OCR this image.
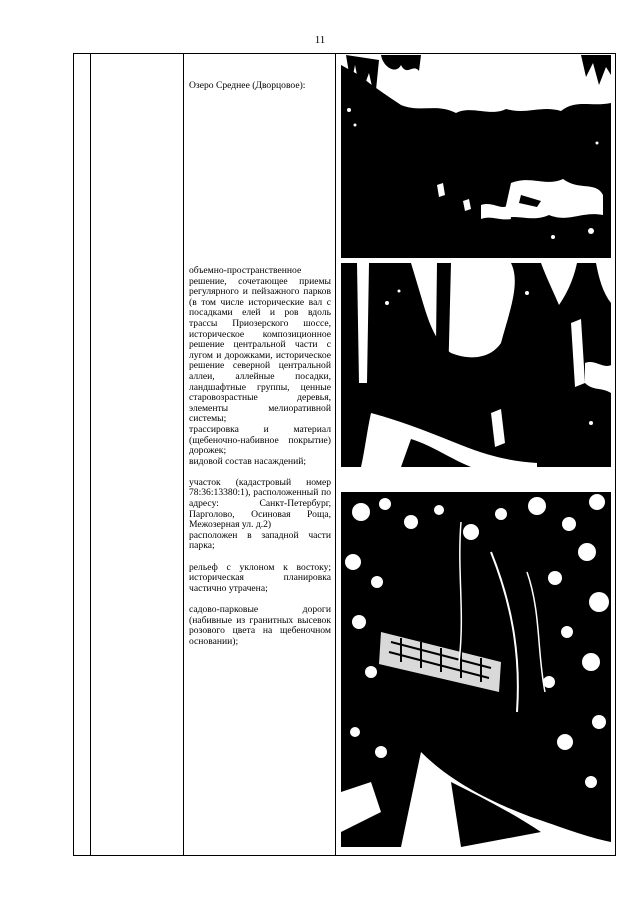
11

Озеро Среднее (Дворцовое):

объемно-пространственное решение, сочетающее приемы регулярного и пейзажного парков (в том числе исторические вал с посадками елей и ров вдоль трассы Приозерского шоссе, историческое композиционное решение центральной части с лугом и дорожками, историческое решение северной центральной аллеи, аллейные посадки, ландшафтные группы, ценные старовозрастные деревья, элементы мелиоративной системы;

трассировка и материал (щебеночно-набивное покрытие) дорожек;

видовой состав насаждений;

участок (кадастровый номер 78:36:13380:1), расположенный по адресу: Санкт-Петербург, Парголово, Осиновая Роща, Межозерная ул. д.2)

расположен в западной части парка;

рельеф с уклоном к востоку; историческая планировка частично утрачена;

садово-парковые дороги (набивные из гранитных высевок розового цвета на щебеночном основании);
